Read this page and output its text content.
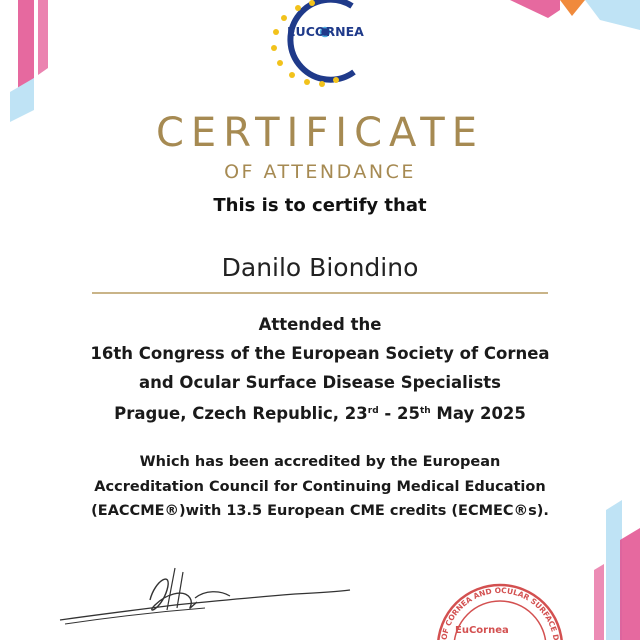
EUCORNEA
CERTIFICATE
OF ATTENDANCE
This is to certify that
Danilo Biondino
Attended the
16th Congress of the European Society of Cornea
and Ocular Surface Disease Specialists
Prague, Czech Republic, 23rd - 25th May 2025
Which has been accredited by the European
Accreditation Council for Continuing Medical Education
(EACCME®)with 13.5 European CME credits (ECMEC®s).
OF CORNEA AND OCULAR SURFACE D
EuCornea
